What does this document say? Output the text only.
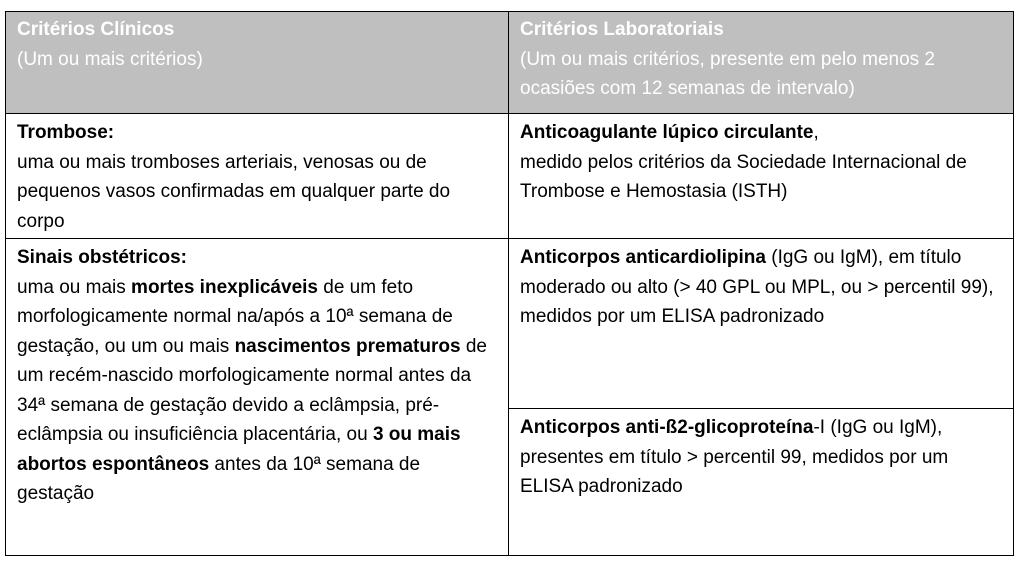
Critérios Clínicos
(Um ou mais critérios)	Critérios Laboratoriais
(Um ou mais critérios, presente em pelo menos 2 ocasiões com 12 semanas de intervalo)

Trombose:
uma ou mais tromboses arteriais, venosas ou de pequenos vasos confirmadas em qualquer parte do corpo	Anticoagulante lúpico circulante,
medido pelos critérios da Sociedade Internacional de Trombose e Hemostasia (ISTH)

Sinais obstétricos:
uma ou mais mortes inexplicáveis de um feto morfologicamente normal na/após a 10ª semana de gestação, ou um ou mais nascimentos prematuros de um recém-nascido morfologicamente normal antes da 34ª semana de gestação devido a eclâmpsia, pré-eclâmpsia ou insuficiência placentária, ou 3 ou mais abortos espontâneos antes da 10ª semana de gestação	Anticorpos anticardiolipina (IgG ou IgM), em título moderado ou alto (> 40 GPL ou MPL, ou > percentil 99), medidos por um ELISA padronizado
	Anticorpos anti-ß2-glicoproteína-I (IgG ou IgM), presentes em título > percentil 99, medidos por um ELISA padronizado
